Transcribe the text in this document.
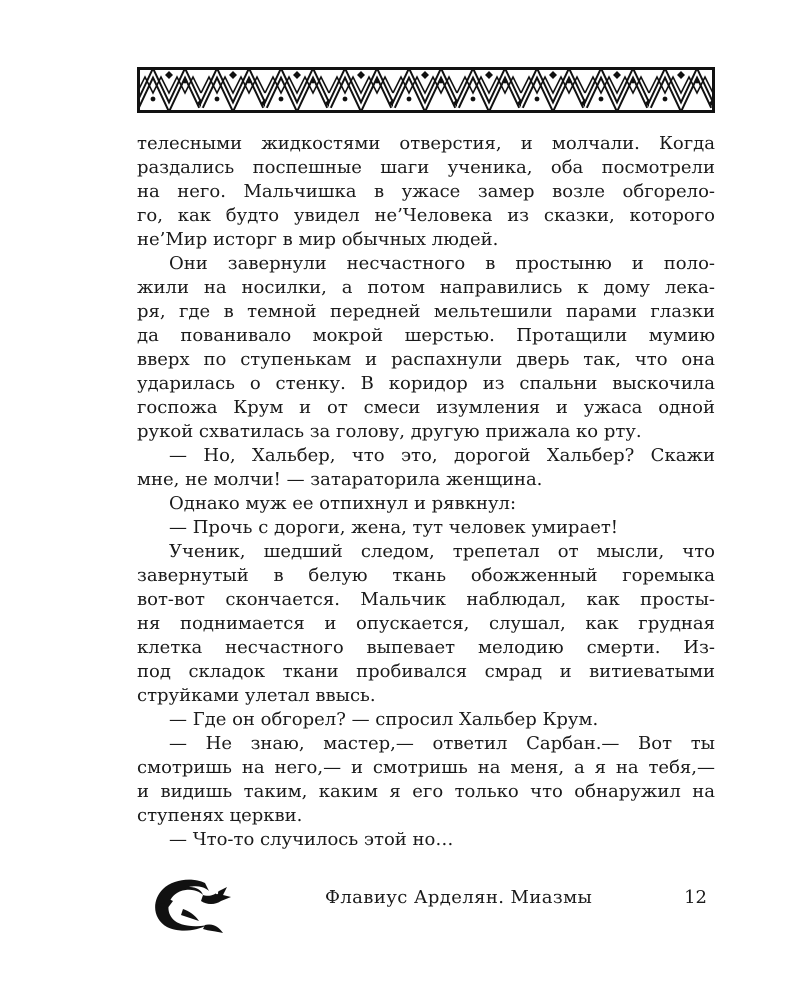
телесными жидкостями отверстия, и молчали. Когда
раздались поспешные шаги ученика, оба посмотрели
на него. Мальчишка в ужасе замер возле обгорело-
го, как будто увидел не’Человека из сказки, которого
не’Мир исторг в мир обычных людей.
Они завернули несчастного в простыню и поло-
жили на носилки, а потом направились к дому лека-
ря, где в темной передней мельтешили парами глазки
да пованивало мокрой шерстью. Протащили мумию
вверх по ступенькам и распахнули дверь так, что она
ударилась о стенку. В коридор из спальни выскочила
госпожа Крум и от смеси изумления и ужаса одной
рукой схватилась за голову, другую прижала ко рту.
— Но, Хальбер, что это, дорогой Хальбер? Скажи
мне, не молчи! — затараторила женщина.
Однако муж ее отпихнул и рявкнул:
— Прочь с дороги, жена, тут человек умирает!
Ученик, шедший следом, трепетал от мысли, что
завернутый в белую ткань обожженный горемыка
вот-вот скончается. Мальчик наблюдал, как просты-
ня поднимается и опускается, слушал, как грудная
клетка несчастного выпевает мелодию смерти. Из-
под складок ткани пробивался смрад и витиеватыми
струйками улетал ввысь.
— Где он обгорел? — спросил Хальбер Крум.
— Не знаю, мастер,— ответил Сарбан.— Вот ты
смотришь на него,— и смотришь на меня, а я на тебя,—
и видишь таким, каким я его только что обнаружил на
ступенях церкви.
— Что-то случилось этой но…
Флавиус Арделян. Миазмы	12
